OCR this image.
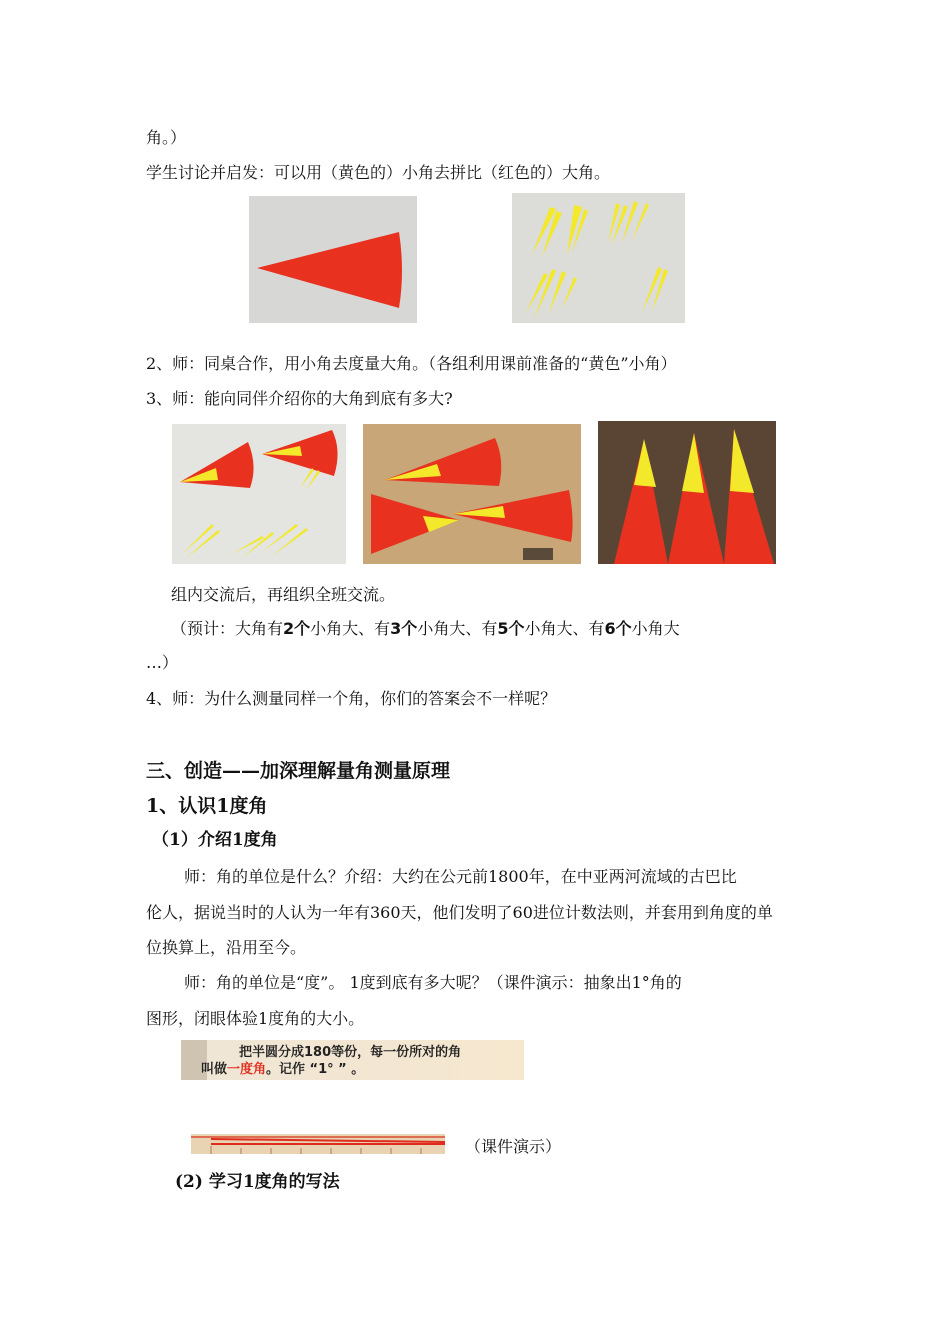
角。）
学生讨论并启发：可以用（黄色的）小角去拼比（红色的）大角。
2、师：同桌合作，用小角去度量大角。（各组利用课前准备的“黄色”小角）
3、师：能向同伴介绍你的大角到底有多大?
组内交流后，再组织全班交流。
（预计：大角有2个小角大、有3个小角大、有5个小角大、有6个小角大
…）
4、师：为什么测量同样一个角，你们的答案会不一样呢？
三、创造——加深理解量角测量原理
1、认识1度角
（1）介绍1度角
师：角的单位是什么？介绍：大约在公元前1800年，在中亚两河流域的古巴比
伦人，据说当时的人认为一年有360天，他们发明了60进位计数法则，并套用到角度的单
位换算上，沿用至今。
师：角的单位是“度”。 1度到底有多大呢？（课件演示：抽象出1°角的
图形，闭眼体验1度角的大小。
把半圆分成180等份，每一份所对的角
叫做一度角。记作 “1° ” 。
（课件演示）
(2) 学习1度角的写法
